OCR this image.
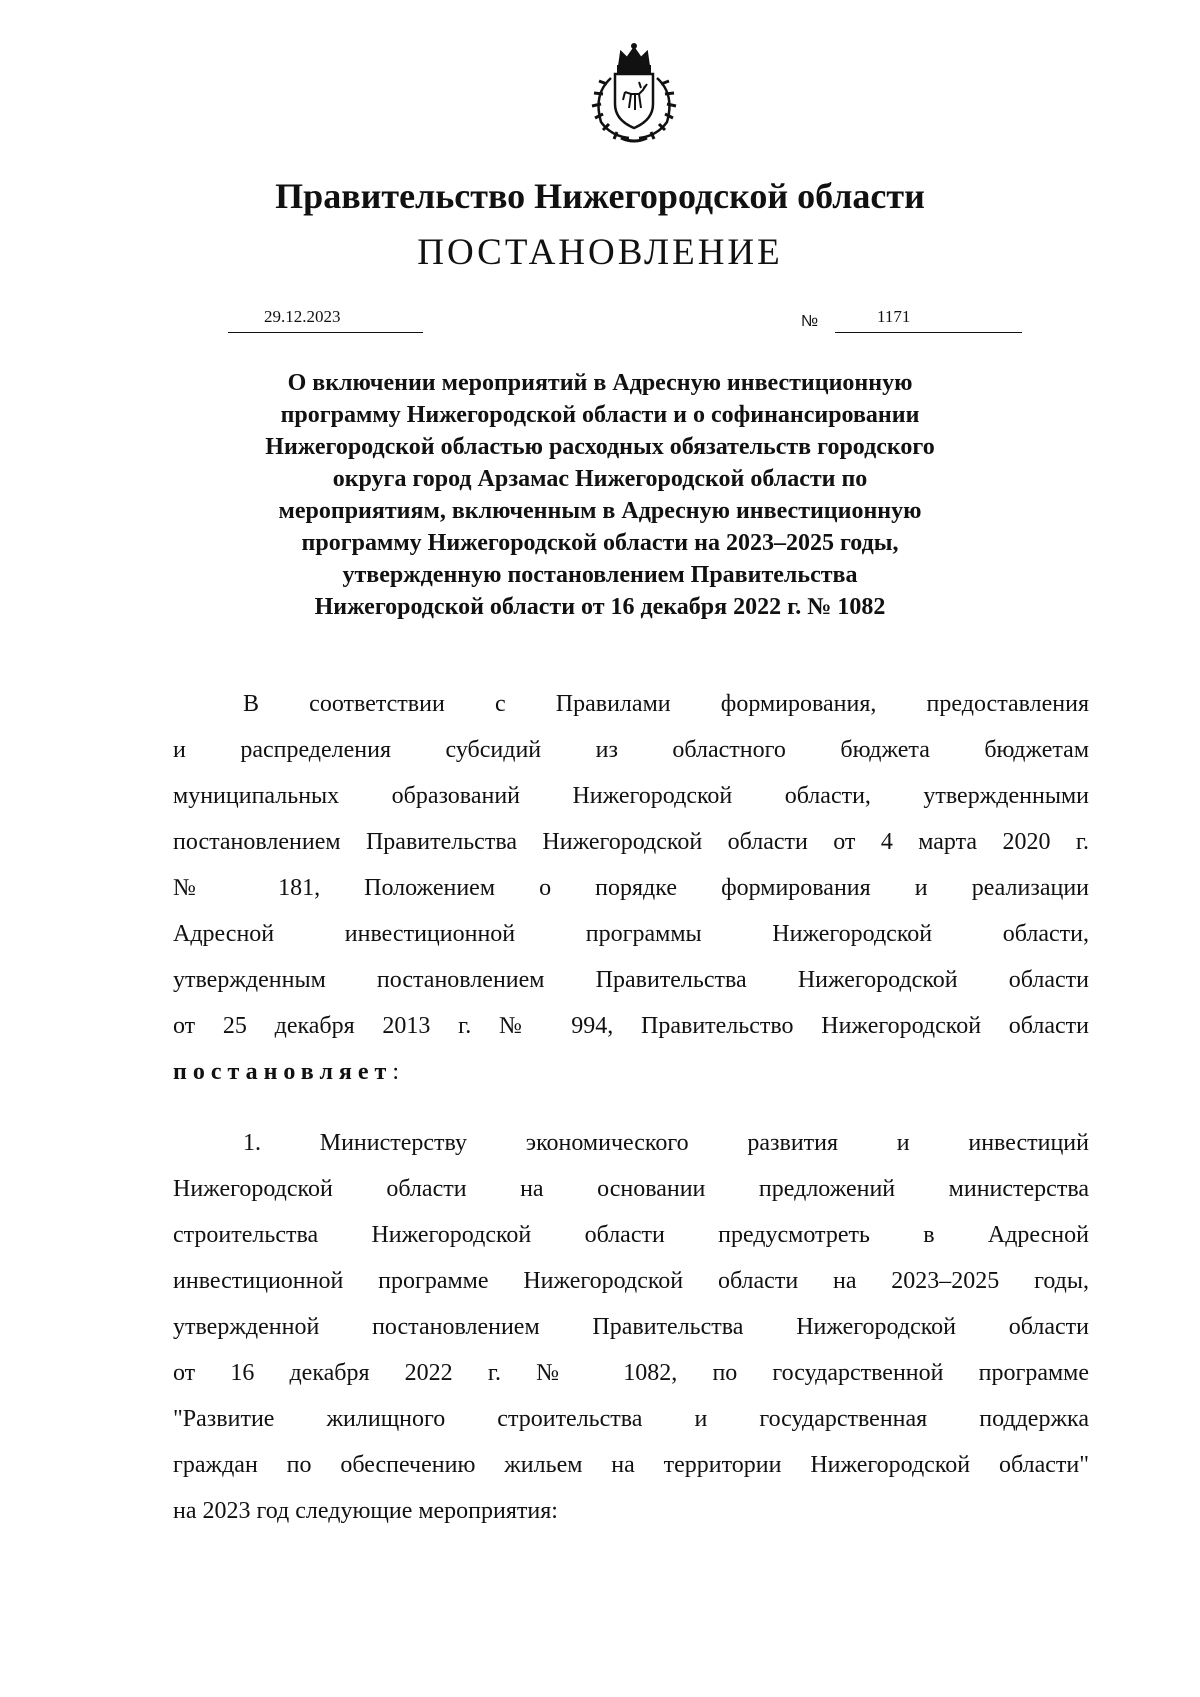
Правительство Нижегородской области
ПОСТАНОВЛЕНИЕ
29.12.2023	№	1171
О включении мероприятий в Адресную инвестиционную
программу Нижегородской области и о софинансировании
Нижегородской областью расходных обязательств городского
округа город Арзамас Нижегородской области по
мероприятиям, включенным в Адресную инвестиционную
программу Нижегородской области на 2023–2025 годы,
утвержденную постановлением Правительства
Нижегородской области от 16 декабря 2022 г. № 1082
В соответствии с Правилами формирования, предоставления
и распределения субсидий из областного бюджета бюджетам
муниципальных образований Нижегородской области, утвержденными
постановлением Правительства Нижегородской области от 4 марта 2020 г.
№ 181, Положением о порядке формирования и реализации
Адресной инвестиционной программы Нижегородской области,
утвержденным постановлением Правительства Нижегородской области
от 25 декабря 2013 г. № 994, Правительство Нижегородской области
постановляет:
1. Министерству экономического развития и инвестиций
Нижегородской области на основании предложений министерства
строительства Нижегородской области предусмотреть в Адресной
инвестиционной программе Нижегородской области на 2023–2025 годы,
утвержденной постановлением Правительства Нижегородской области
от 16 декабря 2022 г. № 1082, по государственной программе
"Развитие жилищного строительства и государственная поддержка
граждан по обеспечению жильем на территории Нижегородской области"
на 2023 год следующие мероприятия:
